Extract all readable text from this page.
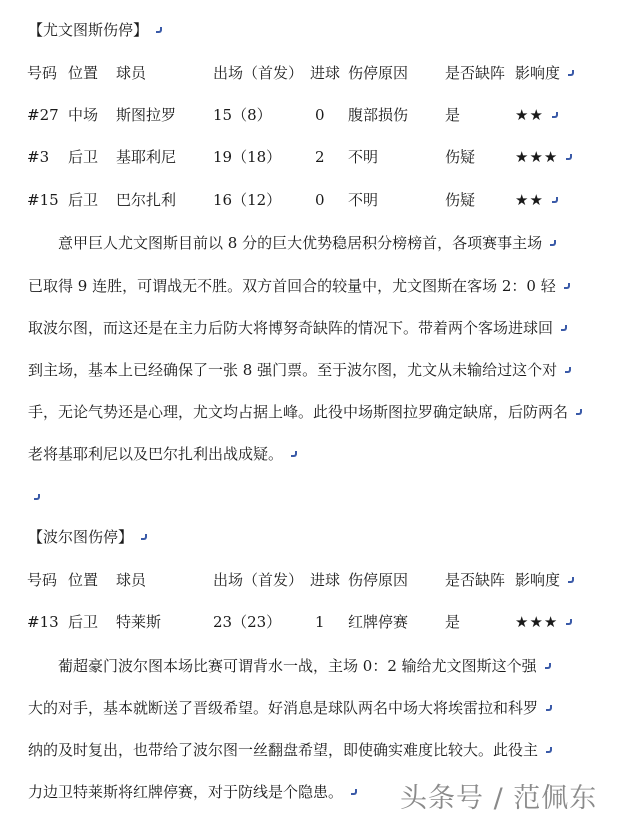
【尤文图斯伤停】
号码 位置 球员	出场（首发） 进球 伤停原因 是否缺阵 影响度
#27 中场 斯图拉罗 15（8）	0 腹部损伤 是	★★
#3 后卫 基耶利尼 19（18） 2 不明	伤疑	★★★
#15 后卫 巴尔扎利 16（12） 0 不明	伤疑	★★
意甲巨人尤文图斯目前以 8 分的巨大优势稳居积分榜榜首，各项赛事主场
已取得 9 连胜，可谓战无不胜。双方首回合的较量中，尤文图斯在客场 2：0 轻
取波尔图，而这还是在主力后防大将博努奇缺阵的情况下。带着两个客场进球回
到主场，基本上已经确保了一张 8 强门票。至于波尔图，尤文从未输给过这个对
手，无论气势还是心理，尤文均占据上峰。此役中场斯图拉罗确定缺席，后防两名
老将基耶利尼以及巴尔扎利出战成疑。
【波尔图伤停】
号码 位置 球员	出场（首发） 进球 伤停原因 是否缺阵 影响度
#13 后卫 特莱斯	23（23） 1 红牌停赛 是	★★★
葡超豪门波尔图本场比赛可谓背水一战，主场 0：2 输给尤文图斯这个强
大的对手，基本就断送了晋级希望。好消息是球队两名中场大将埃雷拉和科罗
纳的及时复出，也带给了波尔图一丝翻盘希望，即使确实难度比较大。此役主
力边卫特莱斯将红牌停赛，对于防线是个隐患。	头条号 / 范佩东
